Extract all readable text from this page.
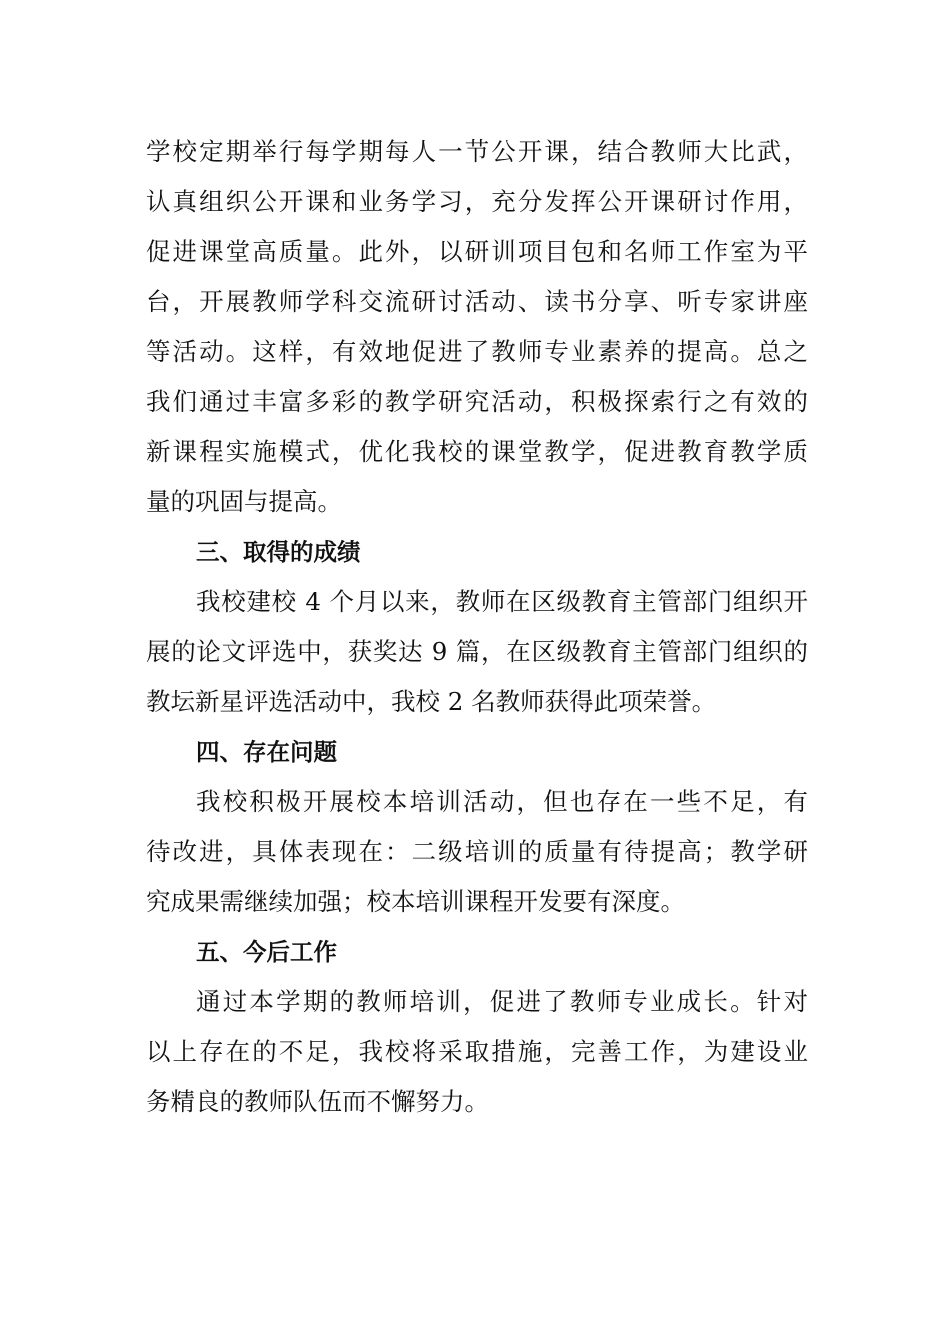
学校定期举行每学期每人一节公开课，结合教师大比武，
认真组织公开课和业务学习，充分发挥公开课研讨作用，
促进课堂高质量。此外，以研训项目包和名师工作室为平
台，开展教师学科交流研讨活动、读书分享、听专家讲座
等活动。这样，有效地促进了教师专业素养的提高。总之
我们通过丰富多彩的教学研究活动，积极探索行之有效的
新课程实施模式，优化我校的课堂教学，促进教育教学质
量的巩固与提高。
三、取得的成绩
我校建校 4 个月以来，教师在区级教育主管部门组织开
展的论文评选中，获奖达 9 篇，在区级教育主管部门组织的
教坛新星评选活动中，我校 2 名教师获得此项荣誉。
四、存在问题
我校积极开展校本培训活动，但也存在一些不足，有
待改进，具体表现在：二级培训的质量有待提高；教学研
究成果需继续加强；校本培训课程开发要有深度。
五、今后工作
通过本学期的教师培训，促进了教师专业成长。针对
以上存在的不足，我校将采取措施，完善工作，为建设业
务精良的教师队伍而不懈努力。
